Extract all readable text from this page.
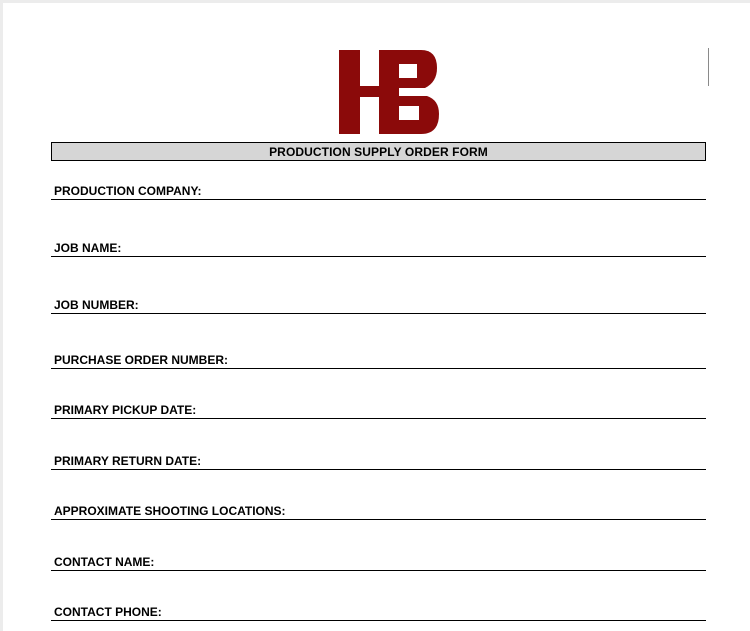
PRODUCTION SUPPLY ORDER FORM
PRODUCTION COMPANY:
JOB NAME:
JOB NUMBER:
PURCHASE ORDER NUMBER:
PRIMARY PICKUP DATE:
PRIMARY RETURN DATE:
APPROXIMATE SHOOTING LOCATIONS:
CONTACT NAME:
CONTACT PHONE:
